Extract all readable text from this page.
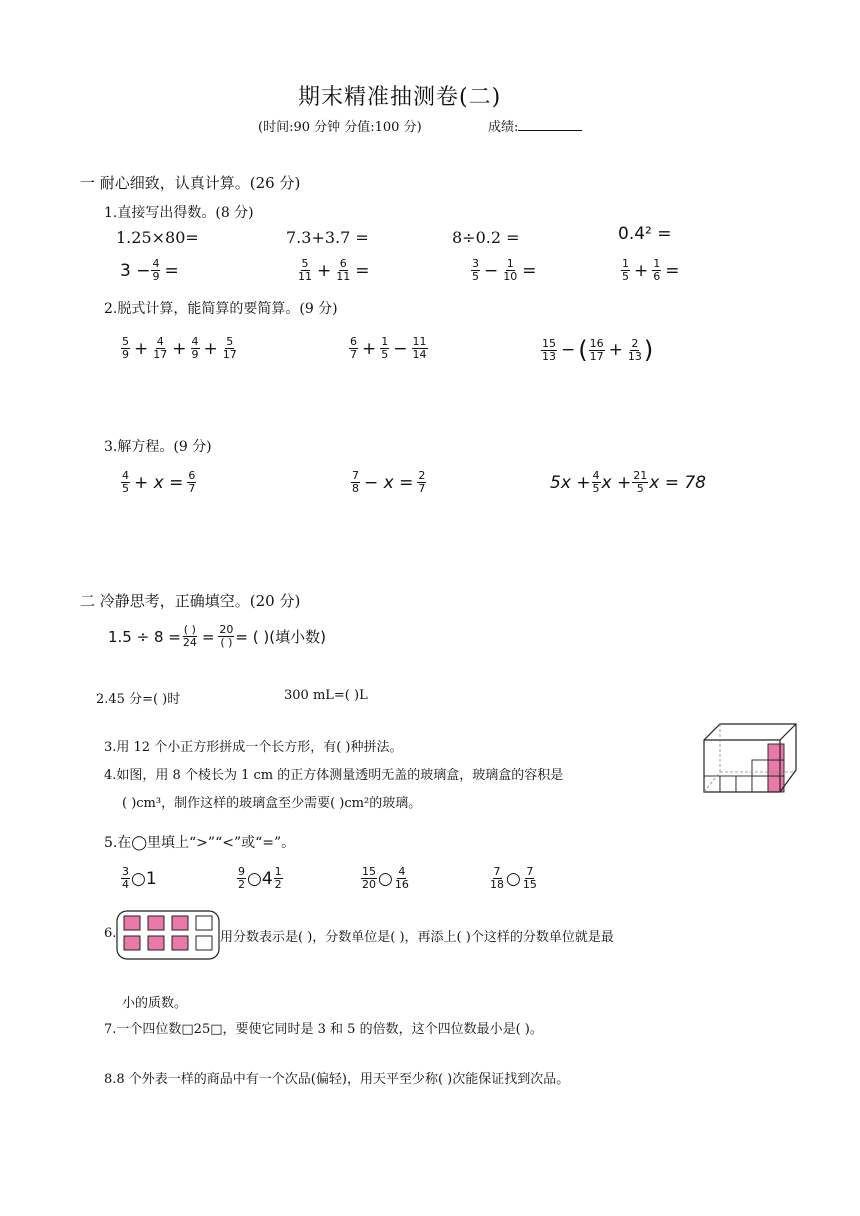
期末精准抽测卷(二)
(时间:90 分钟 分值:100 分)	成绩:
一 耐心细致，认真计算。(26 分)
1.直接写出得数。(8 分)
1.25×80=	7.3+3.7 =	8÷0.2 =	0.4² =
$3 - \frac{4}{9}$ =	$\frac{5}{11} + \frac{6}{11}$ =	$\frac{3}{5} - \frac{1}{10}$ =	$\frac{1}{5} + \frac{1}{6}$ =
2.脱式计算，能简算的要简算。(9 分)
$\frac{5}{9} + \frac{4}{17} + \frac{4}{9} + \frac{5}{17}$	$\frac{6}{7} + \frac{1}{5} - \frac{11}{14}$	$\frac{15}{13}$ − ( $\frac{16}{17} + \frac{2}{13}$ )
3.解方程。(9 分)
$\frac{4}{5} + x = \frac{6}{7}$	$\frac{7}{8} - x = \frac{2}{7}$	$5x + \frac{4}{5}$ $x + \frac{21}{5}$ x = 78
二 冷静思考，正确填空。(20 分)
$1.5 \div 8 = \frac{( )}{24} = \frac{20}{( )}$ = ( )(填小数)
2.45 分=( )时	300 mL=( )L
3.用 12 个小正方形拼成一个长方形，有( )种拼法。
4.如图，用 8 个棱长为 1 cm 的正方体测量透明无盖的玻璃盒，玻璃盒的容积是
( )cm³，制作这样的玻璃盒至少需要( )cm²的玻璃。
5.在◯里填上“>”“<”或“=”。
$\frac{3}{4}$ ○1	$\frac{9}{2}$ ○4 $\frac{1}{2}$	$\frac{15}{20}$ ○ $\frac{4}{16}$	$\frac{7}{18}$ ○ $\frac{7}{15}$
6.	用分数表示是( )，分数单位是( )，再添上( )个这样的分数单位就是最
小的质数。
7.一个四位数□25□，要使它同时是 3 和 5 的倍数，这个四位数最小是( )。
8.8 个外表一样的商品中有一个次品(偏轻)，用天平至少称( )次能保证找到次品。
